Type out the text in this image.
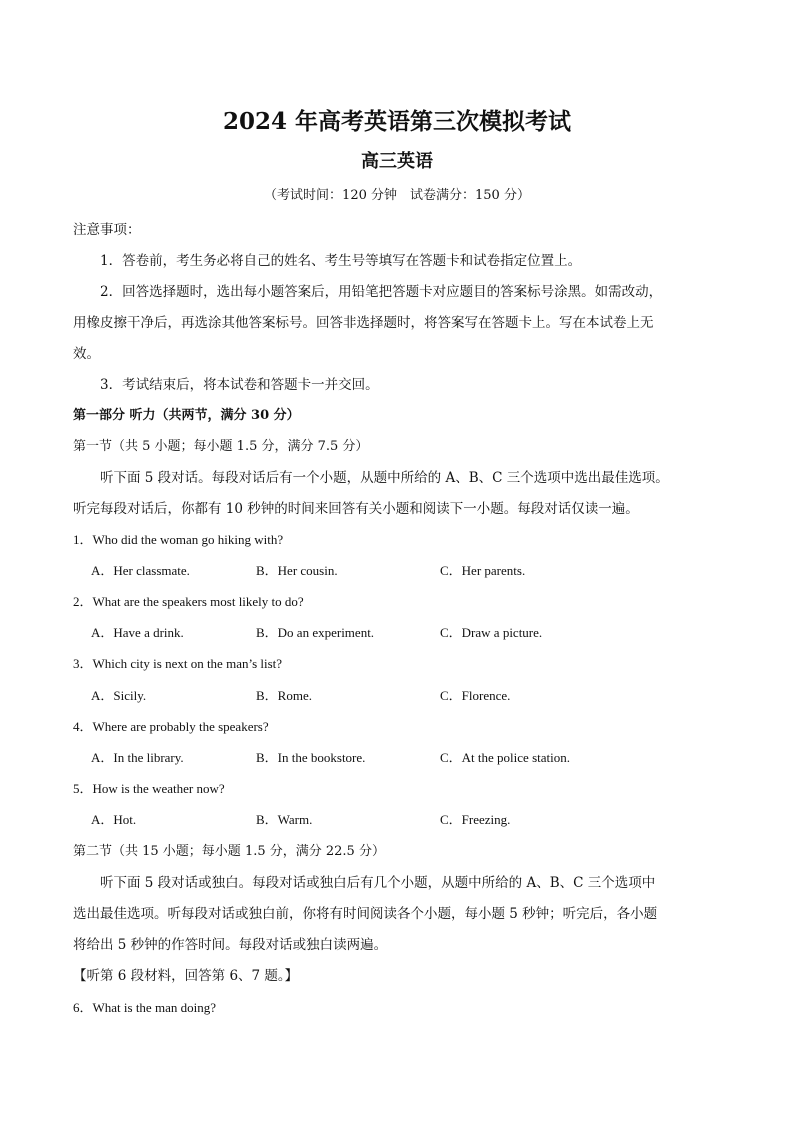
2024 年高考英语第三次模拟考试
高三英语
（考试时间：120 分钟　试卷满分：150 分）
注意事项：
1．答卷前，考生务必将自己的姓名、考生号等填写在答题卡和试卷指定位置上。
2．回答选择题时，选出每小题答案后，用铅笔把答题卡对应题目的答案标号涂黑。如需改动，
用橡皮擦干净后，再选涂其他答案标号。回答非选择题时，将答案写在答题卡上。写在本试卷上无
效。
3．考试结束后，将本试卷和答题卡一并交回。
第一部分 听力（共两节，满分 30 分）
第一节（共 5 小题；每小题 1.5 分，满分 7.5 分）
听下面 5 段对话。每段对话后有一个小题，从题中所给的 A、B、C 三个选项中选出最佳选项。
听完每段对话后，你都有 10 秒钟的时间来回答有关小题和阅读下一小题。每段对话仅读一遍。
1．Who did the woman go hiking with?
A．Her classmate.	B．Her cousin.	C．Her parents.
2．What are the speakers most likely to do?
A．Have a drink.	B．Do an experiment.	C．Draw a picture.
3．Which city is next on the man’s list?
A．Sicily.	B．Rome.	C．Florence.
4．Where are probably the speakers?
A．In the library.	B．In the bookstore.	C．At the police station.
5．How is the weather now?
A．Hot.	B．Warm.	C．Freezing.
第二节（共 15 小题；每小题 1.5 分，满分 22.5 分）
听下面 5 段对话或独白。每段对话或独白后有几个小题，从题中所给的 A、B、C 三个选项中
选出最佳选项。听每段对话或独白前，你将有时间阅读各个小题，每小题 5 秒钟；听完后，各小题
将给出 5 秒钟的作答时间。每段对话或独白读两遍。
【听第 6 段材料，回答第 6、7 题。】
6．What is the man doing?
